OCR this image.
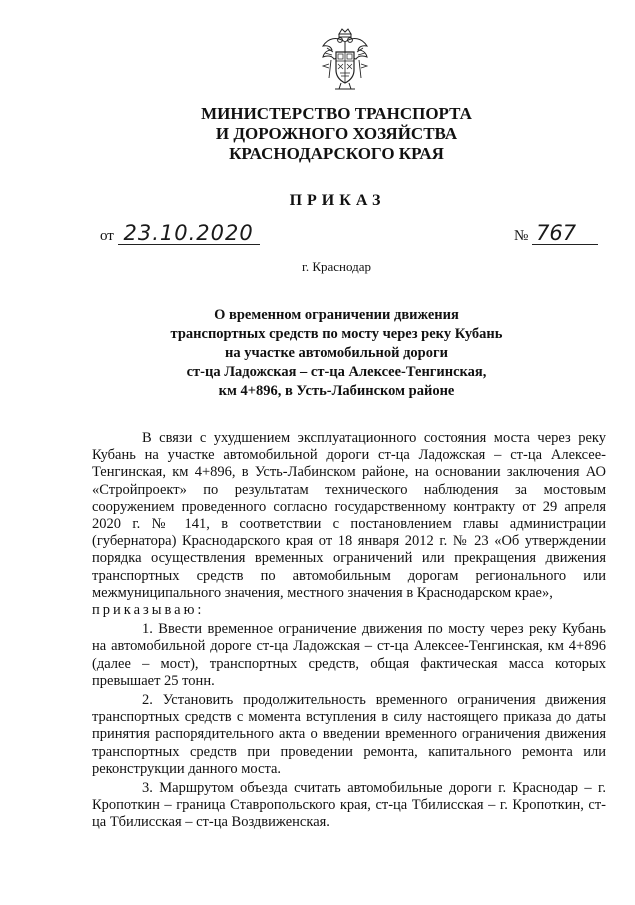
МИНИСТЕРСТВО ТРАНСПОРТА
И ДОРОЖНОГО ХОЗЯЙСТВА
КРАСНОДАРСКОГО КРАЯ
ПРИКАЗ
от 23.10.2020	№ 767
г. Краснодар
О временном ограничении движения
транспортных средств по мосту через реку Кубань
на участке автомобильной дороги
ст-ца Ладожская – ст-ца Алексее-Тенгинская,
км 4+896, в Усть-Лабинском районе

В связи с ухудшением эксплуатационного состояния моста через реку Кубань на участке автомобильной дороги ст-ца Ладожская – ст-ца Алексее-Тенгинская, км 4+896, в Усть-Лабинском районе, на основании заключения АО «Стройпроект» по результатам технического наблюдения за мостовым сооружением проведенного согласно государственному контракту от 29 апреля 2020 г. № 141, в соответствии с постановлением главы администрации (губернатора) Краснодарского края от 18 января 2012 г. № 23 «Об утверждении порядка осуществления временных ограничений или прекращения движения транспортных средств по автомобильным дорогам регионального или межмуниципального значения, местного значения в Краснодарском крае»,

приказываю:

1. Ввести временное ограничение движения по мосту через реку Кубань на автомобильной дороге ст-ца Ладожская – ст-ца Алексее-Тенгинская, км 4+896 (далее – мост), транспортных средств, общая фактическая масса которых превышает 25 тонн.

2. Установить продолжительность временного ограничения движения транспортных средств с момента вступления в силу настоящего приказа до даты принятия распорядительного акта о введении временного ограничения движения транспортных средств при проведении ремонта, капитального ремонта или реконструкции данного моста.

3. Маршрутом объезда считать автомобильные дороги г. Краснодар – г. Кропоткин – граница Ставропольского края, ст-ца Тбилисская – г. Кропоткин, ст-ца Тбилисская – ст-ца Воздвиженская.
